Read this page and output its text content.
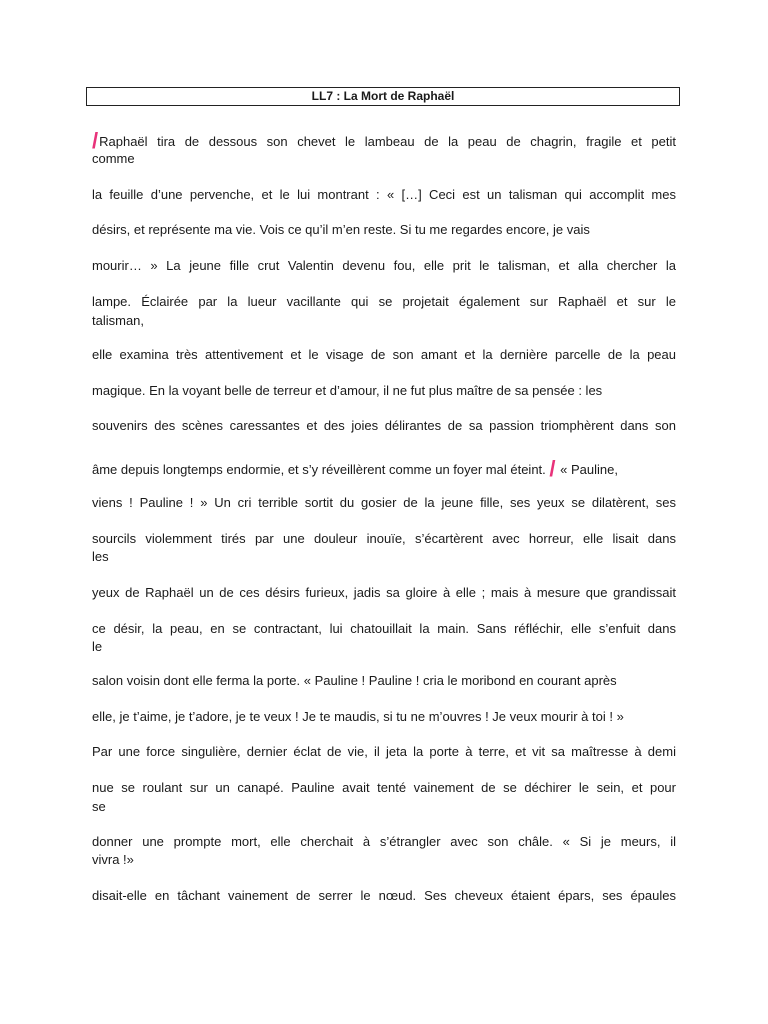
LL7 : La Mort de Raphaël
/Raphaël tira de dessous son chevet le lambeau de la peau de chagrin, fragile et petit
comme
la feuille d’une pervenche, et le lui montrant : « […] Ceci est un talisman qui accomplit mes
désirs, et représente ma vie. Vois ce qu’il m’en reste. Si tu me regardes encore, je vais
mourir… » La jeune fille crut Valentin devenu fou, elle prit le talisman, et alla chercher la
lampe. Éclairée par la lueur vacillante qui se projetait également sur Raphaël et sur le
talisman,
elle examina très attentivement et le visage de son amant et la dernière parcelle de la peau
magique. En la voyant belle de terreur et d’amour, il ne fut plus maître de sa pensée : les
souvenirs des scènes caressantes et des joies délirantes de sa passion triomphèrent dans son
âme depuis longtemps endormie, et s’y réveillèrent comme un foyer mal éteint. / « Pauline,
viens ! Pauline ! » Un cri terrible sortit du gosier de la jeune fille, ses yeux se dilatèrent, ses
sourcils violemment tirés par une douleur inouïe, s’écartèrent avec horreur, elle lisait dans
les
yeux de Raphaël un de ces désirs furieux, jadis sa gloire à elle ; mais à mesure que grandissait
ce désir, la peau, en se contractant, lui chatouillait la main. Sans réfléchir, elle s’enfuit dans
le
salon voisin dont elle ferma la porte. « Pauline ! Pauline ! cria le moribond en courant après
elle, je t’aime, je t’adore, je te veux ! Je te maudis, si tu ne m’ouvres ! Je veux mourir à toi ! »
Par une force singulière, dernier éclat de vie, il jeta la porte à terre, et vit sa maîtresse à demi
nue se roulant sur un canapé. Pauline avait tenté vainement de se déchirer le sein, et pour
se
donner une prompte mort, elle cherchait à s’étrangler avec son châle. « Si je meurs, il
vivra !»
disait-elle en tâchant vainement de serrer le nœud. Ses cheveux étaient épars, ses épaules
